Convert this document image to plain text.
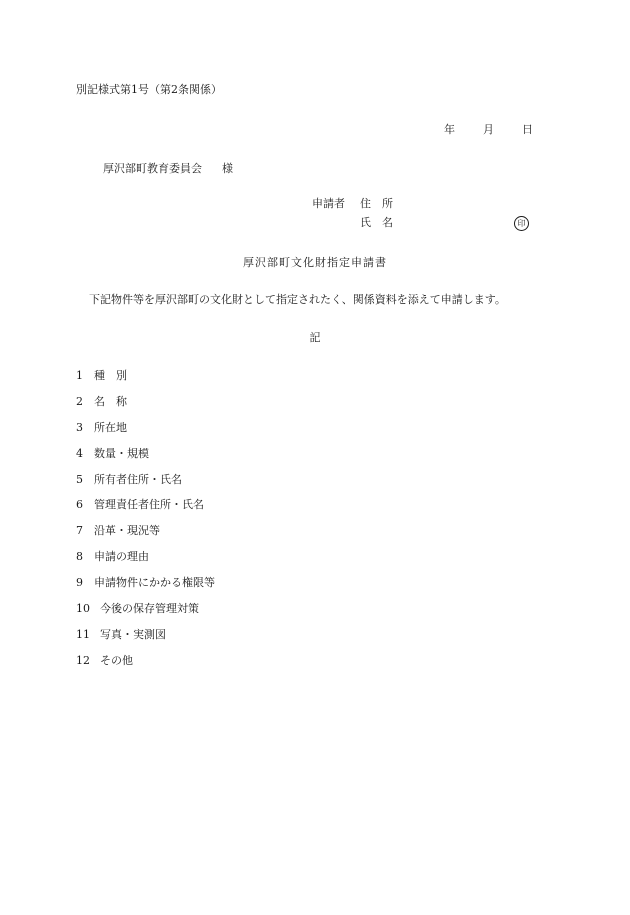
別記様式第1号（第2条関係）
年	月	日
厚沢部町教育委員会 様
申請者 住 所
氏 名	印
厚沢部町文化財指定申請書
下記物件等を厚沢部町の文化財として指定されたく、関係資料を添えて申請します。
記
1	種 別
2	名 称
3	所在地
4	数量・規模
5	所有者住所・氏名
6	管理責任者住所・氏名
7	沿革・現況等
8	申請の理由
9	申請物件にかかる権限等
10 今後の保存管理対策
11 写真・実測図
12 その他
